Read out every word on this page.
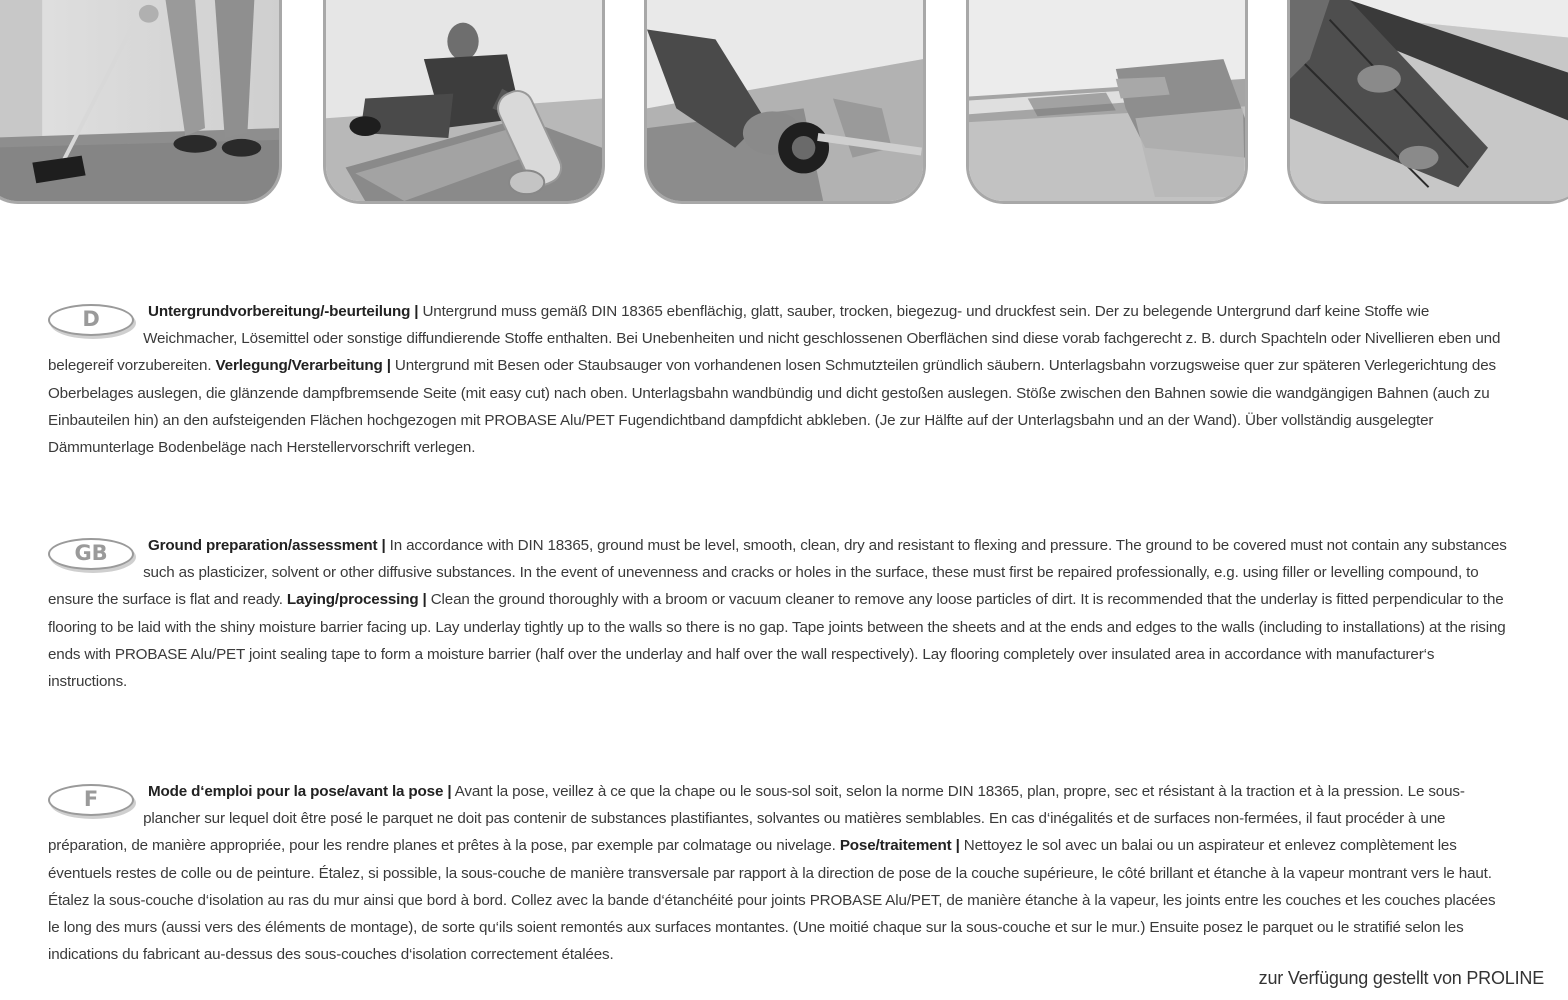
D	Untergrundvorbereitung/-beurteilung | Untergrund muss gemäß DIN 18365 ebenflächig, glatt, sauber, trocken, biegezug- und druckfest sein. Der zu belegende Untergrund darf keine Stoffe wie Weichmacher, Lösemittel oder sonstige diffundierende Stoffe enthalten. Bei Unebenheiten und nicht geschlossenen Oberflächen sind diese vorab fachgerecht z. B. durch Spachteln oder Nivellieren eben und belegereif vorzubereiten. Verlegung/Verarbeitung | Untergrund mit Besen oder Staubsauger von vorhandenen losen Schmutzteilen gründlich säubern. Unterlagsbahn vorzugsweise quer zur späteren Verlegerichtung des Oberbelages auslegen, die glänzende dampfbremsende Seite (mit easy cut) nach oben. Unterlagsbahn wandbündig und dicht gestoßen auslegen. Stöße zwischen den Bahnen sowie die wandgängigen Bahnen (auch zu Einbauteilen hin) an den aufsteigenden Flächen hochgezogen mit PROBASE Alu/PET Fugendichtband dampfdicht abkleben. (Je zur Hälfte auf der Unterlagsbahn und an der Wand). Über vollständig ausgelegter Dämmunterlage Bodenbeläge nach Herstellervorschrift verlegen.
GB	Ground preparation/assessment | In accordance with DIN 18365, ground must be level, smooth, clean, dry and resistant to flexing and pressure. The ground to be covered must not contain any substances such as plasticizer, solvent or other diffusive substances. In the event of unevenness and cracks or holes in the surface, these must first be repaired professionally, e.g. using filler or levelling compound, to ensure the surface is flat and ready. Laying/processing | Clean the ground thoroughly with a broom or vacuum cleaner to remove any loose particles of dirt. It is recommended that the underlay is fitted perpendicular to the flooring to be laid with the shiny moisture barrier facing up. Lay underlay tightly up to the walls so there is no gap. Tape joints between the sheets and at the ends and edges to the walls (including to installations) at the rising ends with PROBASE Alu/PET joint sealing tape to form a moisture barrier (half over the underlay and half over the wall respectively). Lay flooring completely over insulated area in accordance with manufacturer‘s instructions.
F	Mode d‘emploi pour la pose/avant la pose | Avant la pose, veillez à ce que la chape ou le sous-sol soit, selon la norme DIN 18365, plan, propre, sec et résistant à la traction et à la pression. Le sous-plancher sur lequel doit être posé le parquet ne doit pas contenir de substances plastifiantes, solvantes ou matières semblables. En cas d‘inégalités et de surfaces non-fermées, il faut procéder à une préparation, de manière appropriée, pour les rendre planes et prêtes à la pose, par exemple par colmatage ou nivelage. Pose/traitement | Nettoyez le sol avec un balai ou un aspirateur et enlevez complètement les éventuels restes de colle ou de peinture. Étalez, si possible, la sous-couche de manière transversale par rapport à la direction de pose de la couche supérieure, le côté brillant et étanche à la vapeur montrant vers le haut. Étalez la sous-couche d‘isolation au ras du mur ainsi que bord à bord. Collez avec la bande d‘étanchéité pour joints PROBASE Alu/PET, de manière étanche à la vapeur, les joints entre les couches et les couches placées le long des murs (aussi vers des éléments de montage), de sorte qu‘ils soient remontés aux surfaces montantes. (Une moitié chaque sur la sous-couche et sur le mur.) Ensuite posez le parquet ou le stratifié selon les indications du fabricant au-dessus des sous-couches d‘isolation correctement étalées.
zur Verfügung gestellt von PROLINE
